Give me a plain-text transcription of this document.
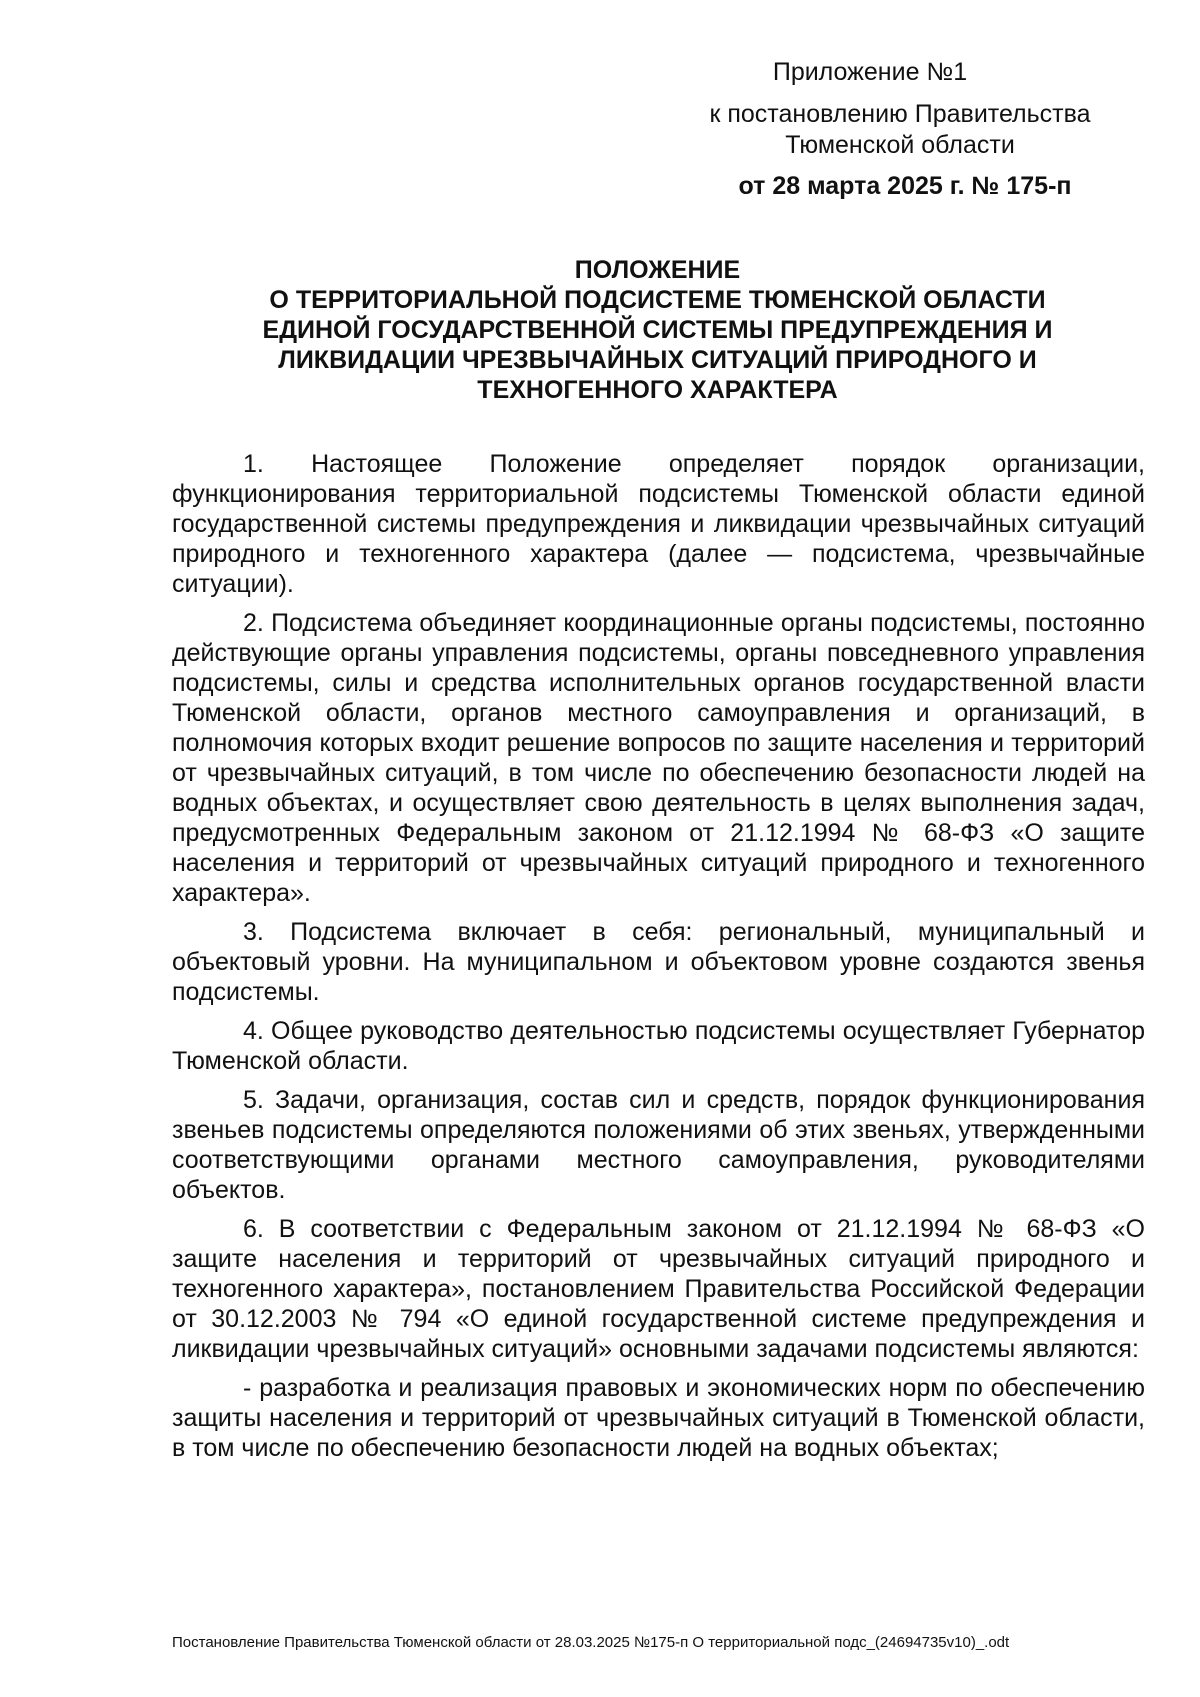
Приложение №1
к постановлению Правительства Тюменской области
от 28 марта 2025 г. № 175-п
ПОЛОЖЕНИЕ
О ТЕРРИТОРИАЛЬНОЙ ПОДСИСТЕМЕ ТЮМЕНСКОЙ ОБЛАСТИ
ЕДИНОЙ ГОСУДАРСТВЕННОЙ СИСТЕМЫ ПРЕДУПРЕЖДЕНИЯ И
ЛИКВИДАЦИИ ЧРЕЗВЫЧАЙНЫХ СИТУАЦИЙ ПРИРОДНОГО И
ТЕХНОГЕННОГО ХАРАКТЕРА

1. Настоящее Положение определяет порядок организации, функционирования территориальной подсистемы Тюменской области единой государственной системы предупреждения и ликвидации чрезвычайных ситуаций природного и техногенного характера (далее — подсистема, чрезвычайные ситуации).

2. Подсистема объединяет координационные органы подсистемы, постоянно действующие органы управления подсистемы, органы повседневного управления подсистемы, силы и средства исполнительных органов государственной власти Тюменской области, органов местного самоуправления и организаций, в полномочия которых входит решение вопросов по защите населения и территорий от чрезвычайных ситуаций, в том числе по обеспечению безопасности людей на водных объектах, и осуществляет свою деятельность в целях выполнения задач, предусмотренных Федеральным законом от 21.12.1994 № 68-ФЗ «О защите населения и территорий от чрезвычайных ситуаций природного и техногенного характера».

3. Подсистема включает в себя: региональный, муниципальный и объектовый уровни. На муниципальном и объектовом уровне создаются звенья подсистемы.

4. Общее руководство деятельностью подсистемы осуществляет Губернатор Тюменской области.

5. Задачи, организация, состав сил и средств, порядок функционирования звеньев подсистемы определяются положениями об этих звеньях, утвержденными соответствующими органами местного самоуправления, руководителями объектов.

6. В соответствии с Федеральным законом от 21.12.1994 № 68-ФЗ «О защите населения и территорий от чрезвычайных ситуаций природного и техногенного характера», постановлением Правительства Российской Федерации от 30.12.2003 № 794 «О единой государственной системе предупреждения и ликвидации чрезвычайных ситуаций» основными задачами подсистемы являются:

- разработка и реализация правовых и экономических норм по обеспечению защиты населения и территорий от чрезвычайных ситуаций в Тюменской области, в том числе по обеспечению безопасности людей на водных объектах;

Постановление Правительства Тюменской области от 28.03.2025 №175-п О территориальной подс_(24694735v10)_.odt
